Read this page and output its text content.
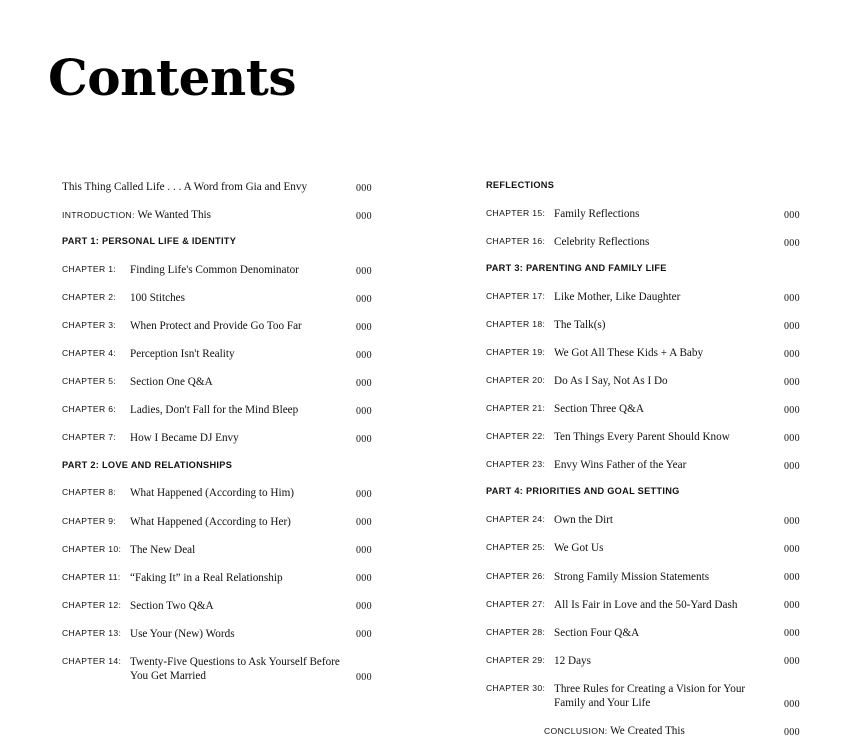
Contents
This Thing Called Life . . . A Word from Gia and Envy	000
INTRODUCTION: We Wanted This	000
PART 1: PERSONAL LIFE & IDENTITY
CHAPTER 1:	Finding Life's Common Denominator	000
CHAPTER 2:	100 Stitches	000
CHAPTER 3:	When Protect and Provide Go Too Far	000
CHAPTER 4:	Perception Isn't Reality	000
CHAPTER 5:	Section One Q&A	000
CHAPTER 6:	Ladies, Don't Fall for the Mind Bleep	000
CHAPTER 7:	How I Became DJ Envy	000
PART 2: LOVE AND RELATIONSHIPS
CHAPTER 8:	What Happened (According to Him)	000
CHAPTER 9:	What Happened (According to Her)	000
CHAPTER 10: The New Deal	000
CHAPTER 11: “Faking It” in a Real Relationship	000
CHAPTER 12: Section Two Q&A	000
CHAPTER 13: Use Your (New) Words	000
CHAPTER 14: Twenty-Five Questions to Ask Yourself Before You Get Married	000
REFLECTIONS
CHAPTER 15: Family Reflections	000
CHAPTER 16: Celebrity Reflections	000
PART 3: PARENTING AND FAMILY LIFE
CHAPTER 17: Like Mother, Like Daughter	000
CHAPTER 18: The Talk(s)	000
CHAPTER 19: We Got All These Kids + A Baby	000
CHAPTER 20: Do As I Say, Not As I Do	000
CHAPTER 21: Section Three Q&A	000
CHAPTER 22: Ten Things Every Parent Should Know	000
CHAPTER 23: Envy Wins Father of the Year	000
PART 4: PRIORITIES AND GOAL SETTING
CHAPTER 24: Own the Dirt	000
CHAPTER 25: We Got Us	000
CHAPTER 26: Strong Family Mission Statements	000
CHAPTER 27: All Is Fair in Love and the 50-Yard Dash	000
CHAPTER 28: Section Four Q&A	000
CHAPTER 29: 12 Days	000
CHAPTER 30: Three Rules for Creating a Vision for Your Family and Your Life	000
CONCLUSION: We Created This	000
